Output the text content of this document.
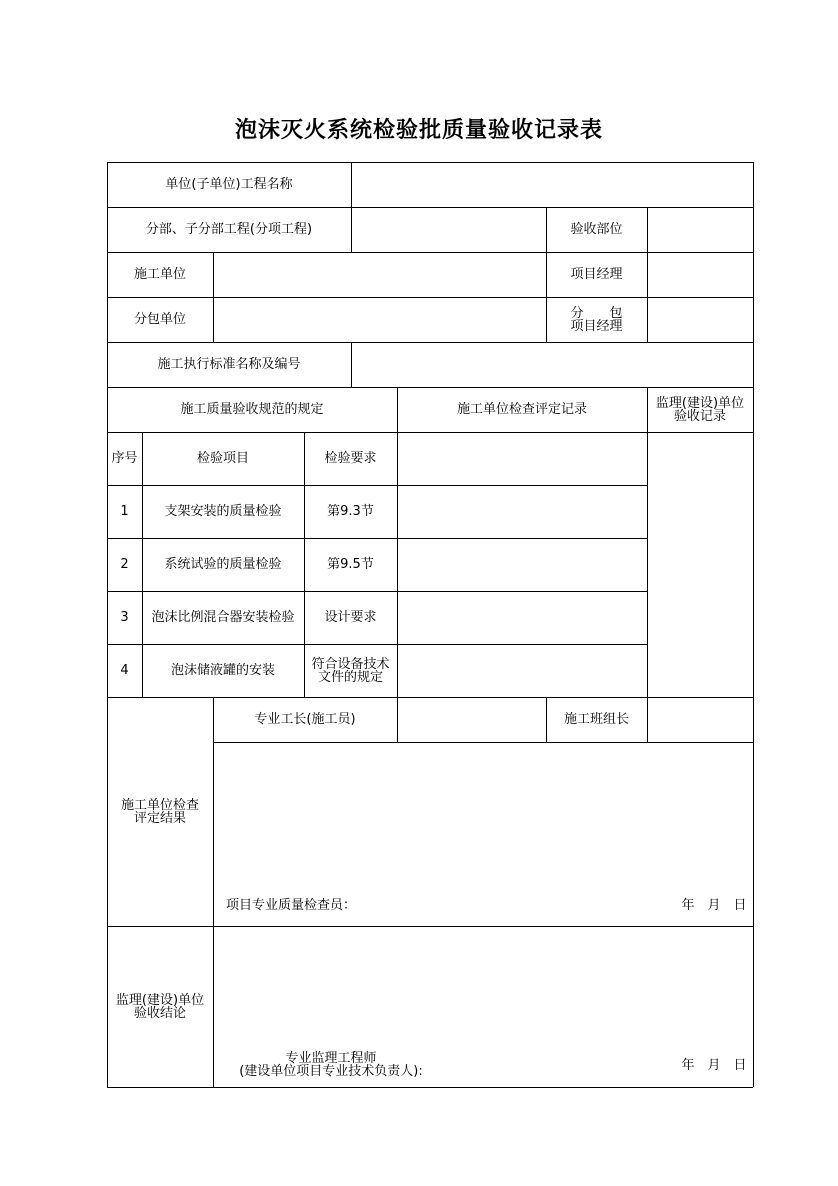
泡沫灭火系统检验批质量验收记录表
单位(子单位)工程名称
分部、子分部工程(分项工程)	验收部位
施工单位	项目经理
分包单位	分　　包
项目经理
施工执行标准名称及编号
施工质量验收规范的规定	施工单位检查评定记录	监理(建设)单位
验收记录
序号	检验项目	检验要求
1	支架安装的质量检验	第9.3节
2	系统试验的质量检验	第9.5节
3	泡沫比例混合器安装检验	设计要求
4	泡沫储液罐的安装	符合设备技术
文件的规定
施工单位检查
评定结果
专业工长(施工员)	施工班组长
项目专业质量检查员：	年　月　日
监理(建设)单位
验收结论
专业监理工程师
(建设单位项目专业技术负责人):	年　月　日
